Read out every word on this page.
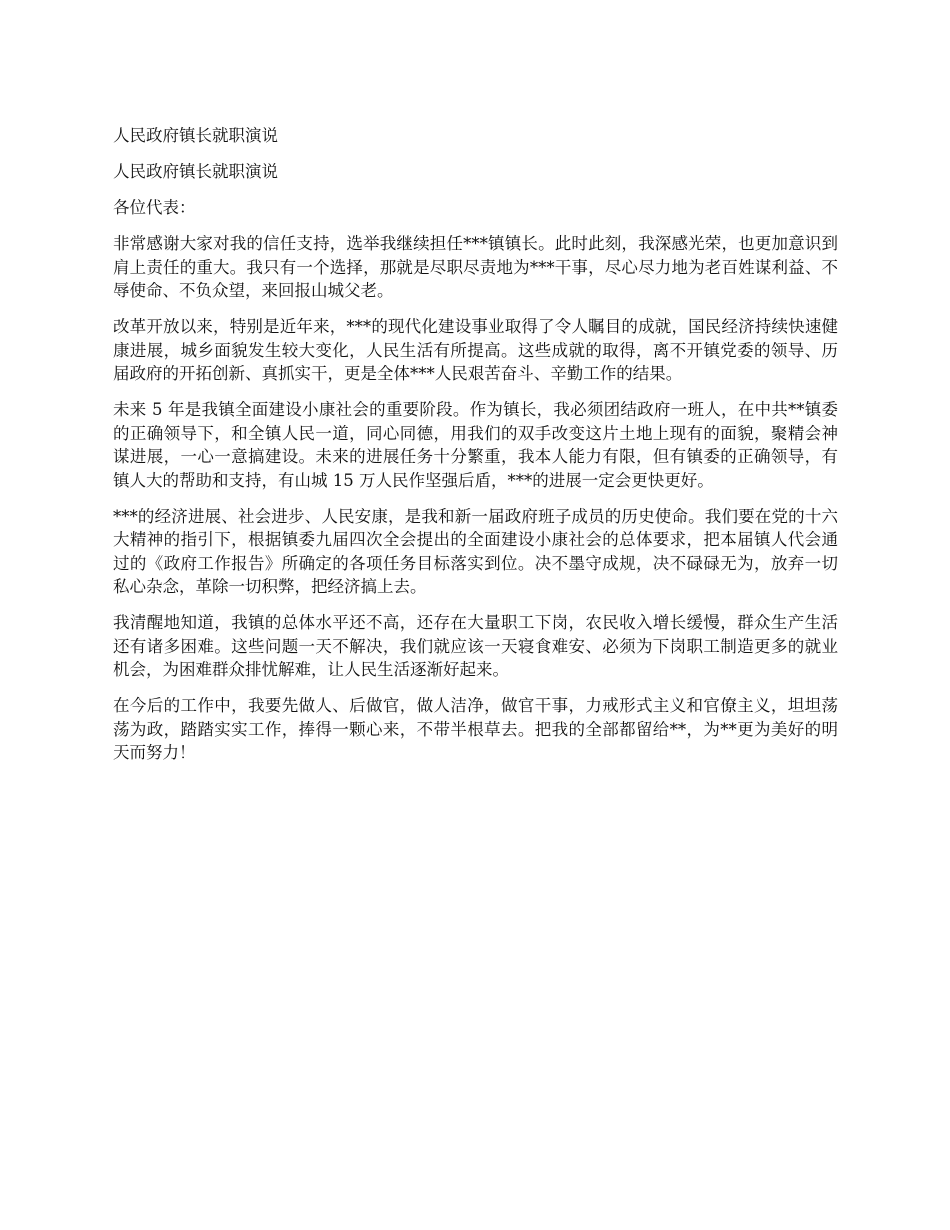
人民政府镇长就职演说

人民政府镇长就职演说

各位代表：

非常感谢大家对我的信任支持，选举我继续担任***镇镇长。此时此刻，我深感光荣，也更加意识到肩上责任的重大。我只有一个选择，那就是尽职尽责地为***干事，尽心尽力地为老百姓谋利益、不辱使命、不负众望，来回报山城父老。

改革开放以来，特别是近年来，***的现代化建设事业取得了令人瞩目的成就，国民经济持续快速健康进展，城乡面貌发生较大变化，人民生活有所提高。这些成就的取得，离不开镇党委的领导、历届政府的开拓创新、真抓实干，更是全体***人民艰苦奋斗、辛勤工作的结果。

未来 5 年是我镇全面建设小康社会的重要阶段。作为镇长，我必须团结政府一班人，在中共**镇委的正确领导下，和全镇人民一道，同心同德，用我们的双手改变这片土地上现有的面貌，聚精会神谋进展，一心一意搞建设。未来的进展任务十分繁重，我本人能力有限，但有镇委的正确领导，有镇人大的帮助和支持，有山城 15 万人民作坚强后盾，***的进展一定会更快更好。

***的经济进展、社会进步、人民安康，是我和新一届政府班子成员的历史使命。我们要在党的十六大精神的指引下，根据镇委九届四次全会提出的全面建设小康社会的总体要求，把本届镇人代会通过的《政府工作报告》所确定的各项任务目标落实到位。决不墨守成规，决不碌碌无为，放弃一切私心杂念，革除一切积弊，把经济搞上去。

我清醒地知道，我镇的总体水平还不高，还存在大量职工下岗，农民收入增长缓慢，群众生产生活还有诸多困难。这些问题一天不解决，我们就应该一天寝食难安、必须为下岗职工制造更多的就业机会，为困难群众排忧解难，让人民生活逐渐好起来。

在今后的工作中，我要先做人、后做官，做人洁净，做官干事，力戒形式主义和官僚主义，坦坦荡荡为政，踏踏实实工作，捧得一颗心来，不带半根草去。把我的全部都留给**，为**更为美好的明天而努力！
